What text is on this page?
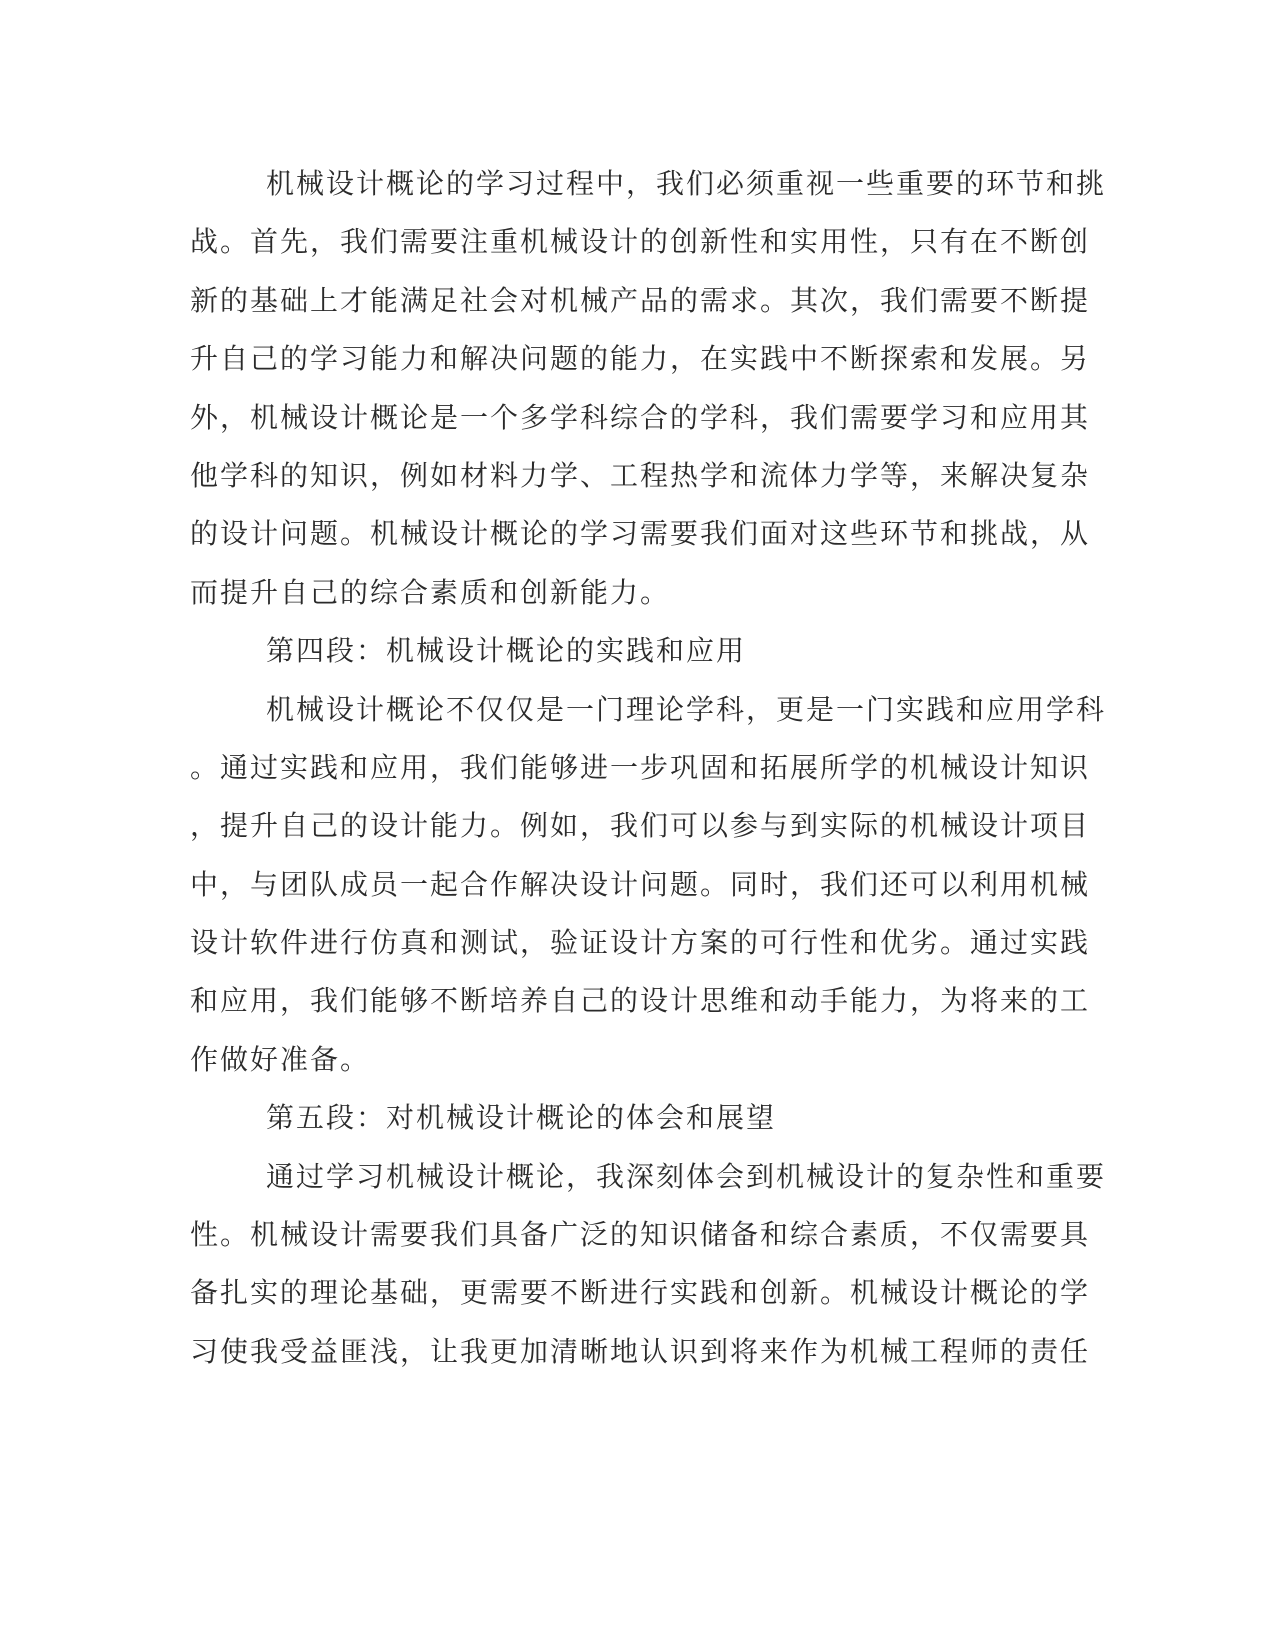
机械设计概论的学习过程中，我们必须重视一些重要的环节和挑
战。首先，我们需要注重机械设计的创新性和实用性，只有在不断创
新的基础上才能满足社会对机械产品的需求。其次，我们需要不断提
升自己的学习能力和解决问题的能力，在实践中不断探索和发展。另
外，机械设计概论是一个多学科综合的学科，我们需要学习和应用其
他学科的知识，例如材料力学、工程热学和流体力学等，来解决复杂
的设计问题。机械设计概论的学习需要我们面对这些环节和挑战，从
而提升自己的综合素质和创新能力。
第四段：机械设计概论的实践和应用
机械设计概论不仅仅是一门理论学科，更是一门实践和应用学科
。通过实践和应用，我们能够进一步巩固和拓展所学的机械设计知识
，提升自己的设计能力。例如，我们可以参与到实际的机械设计项目
中，与团队成员一起合作解决设计问题。同时，我们还可以利用机械
设计软件进行仿真和测试，验证设计方案的可行性和优劣。通过实践
和应用，我们能够不断培养自己的设计思维和动手能力，为将来的工
作做好准备。
第五段：对机械设计概论的体会和展望
通过学习机械设计概论，我深刻体会到机械设计的复杂性和重要
性。机械设计需要我们具备广泛的知识储备和综合素质，不仅需要具
备扎实的理论基础，更需要不断进行实践和创新。机械设计概论的学
习使我受益匪浅，让我更加清晰地认识到将来作为机械工程师的责任
